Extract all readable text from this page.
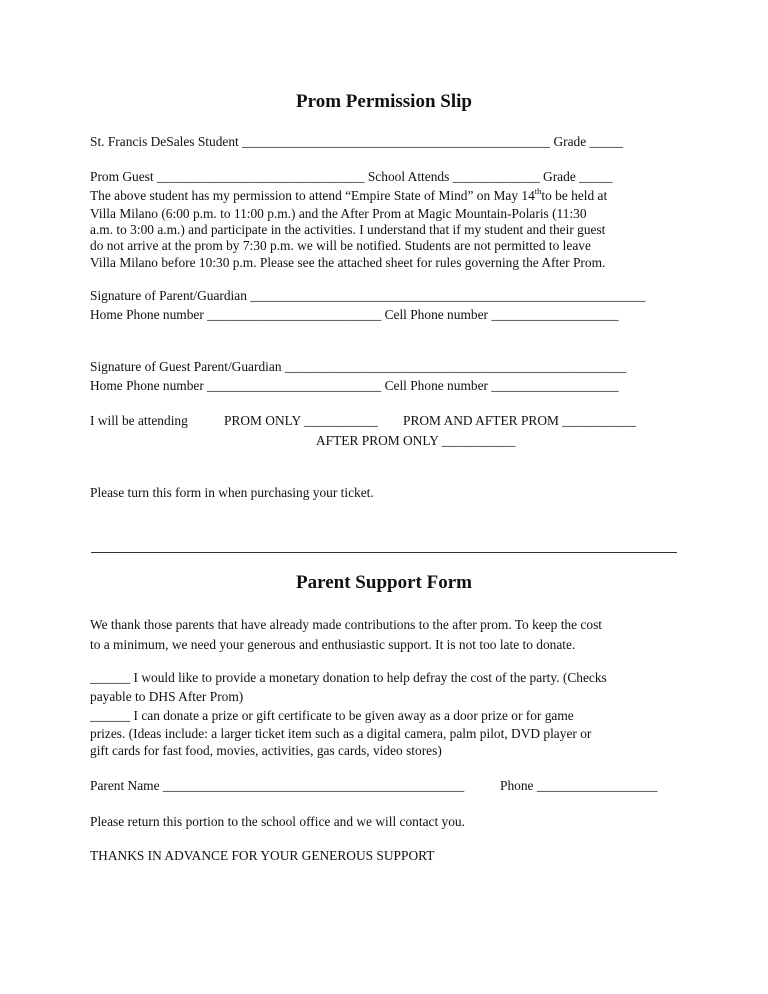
Prom Permission Slip
St. Francis DeSales Student ______________________________________________ Grade _____
Prom Guest _______________________________ School Attends _____________ Grade _____
The above student has my permission to attend “Empire State of Mind” on May 14thto be held at
Villa Milano (6:00 p.m. to 11:00 p.m.) and the After Prom at Magic Mountain-Polaris (11:30
a.m. to 3:00 a.m.) and participate in the activities. I understand that if my student and their guest
do not arrive at the prom by 7:30 p.m. we will be notified. Students are not permitted to leave
Villa Milano before 10:30 p.m. Please see the attached sheet for rules governing the After Prom.
Signature of Parent/Guardian ___________________________________________________________
Home Phone number __________________________ Cell Phone number ___________________
Signature of Guest Parent/Guardian ___________________________________________________
Home Phone number __________________________ Cell Phone number ___________________
I will be attending	PROM ONLY ___________ PROM AND AFTER PROM ___________
AFTER PROM ONLY ___________
Please turn this form in when purchasing your ticket.
Parent Support Form
We thank those parents that have already made contributions to the after prom. To keep the cost
to a minimum, we need your generous and enthusiastic support. It is not too late to donate.
______ I would like to provide a monetary donation to help defray the cost of the party. (Checks
payable to DHS After Prom)
______ I can donate a prize or gift certificate to be given away as a door prize or for game
prizes. (Ideas include: a larger ticket item such as a digital camera, palm pilot, DVD player or
gift cards for fast food, movies, activities, gas cards, video stores)
Parent Name _____________________________________________	Phone __________________
Please return this portion to the school office and we will contact you.
THANKS IN ADVANCE FOR YOUR GENEROUS SUPPORT
